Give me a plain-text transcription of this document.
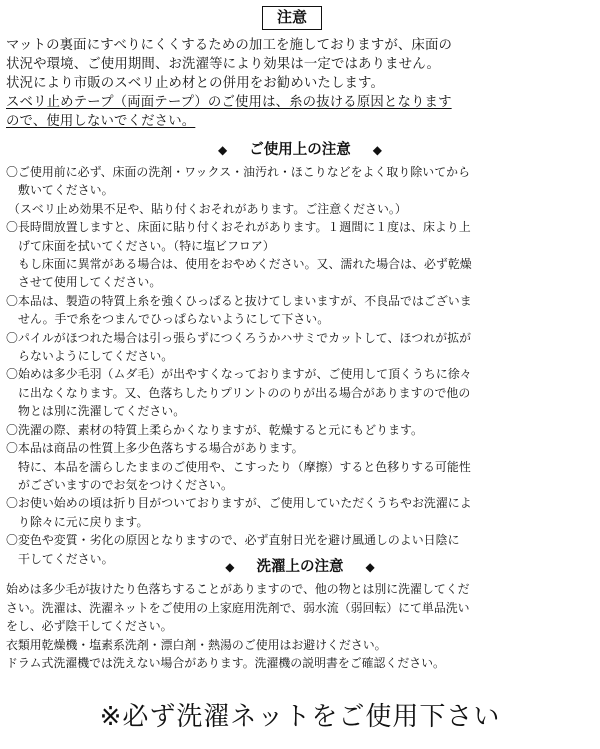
注意
マットの裏面にすべりにくくするための加工を施しておりますが、床面の
状況や環境、ご使用期間、お洗濯等により効果は一定ではありません。
状況により市販のスベリ止め材との併用をお勧めいたします。
スベリ止めテープ（両面テープ）のご使用は、糸の抜ける原因となります
ので、使用しないでください。
◆ ご使用上の注意 ◆
〇ご使用前に必ず、床面の洗剤・ワックス・油汚れ・ほこりなどをよく取り除いてから
敷いてください。
（スベリ止め効果不足や、貼り付くおそれがあります。ご注意ください。）
〇長時間放置しますと、床面に貼り付くおそれがあります。１週間に１度は、床より上
げて床面を拭いてください。（特に塩ビフロア）
もし床面に異常がある場合は、使用をおやめください。又、濡れた場合は、必ず乾燥
させて使用してください。
〇本品は、製造の特質上糸を強くひっぱると抜けてしまいますが、不良品ではございま
せん。手で糸をつまんでひっぱらないようにして下さい。
〇パイルがほつれた場合は引っ張らずにつくろうかハサミでカットして、ほつれが拡が
らないようにしてください。
〇始めは多少毛羽（ムダ毛）が出やすくなっておりますが、ご使用して頂くうちに徐々
に出なくなります。又、色落ちしたりプリントののりが出る場合がありますので他の
物とは別に洗濯してください。
〇洗濯の際、素材の特質上柔らかくなりますが、乾燥すると元にもどります。
〇本品は商品の性質上多少色落ちする場合があります。
特に、本品を濡らしたままのご使用や、こすったり（摩擦）すると色移りする可能性
がございますのでお気をつけください。
〇お使い始めの頃は折り目がついておりますが、ご使用していただくうちやお洗濯によ
り除々に元に戻ります。
〇変色や変質・劣化の原因となりますので、必ず直射日光を避け風通しのよい日陰に
干してください。
◆ 洗濯上の注意 ◆
始めは多少毛が抜けたり色落ちすることがありますので、他の物とは別に洗濯してくだ
さい。洗濯は、洗濯ネットをご使用の上家庭用洗剤で、弱水流（弱回転）にて単品洗い
をし、必ず陰干してください。
衣類用乾燥機・塩素系洗剤・漂白剤・熱湯のご使用はお避けください。
ドラム式洗濯機では洗えない場合があります。洗濯機の説明書をご確認ください。
※必ず洗濯ネットをご使用下さい
